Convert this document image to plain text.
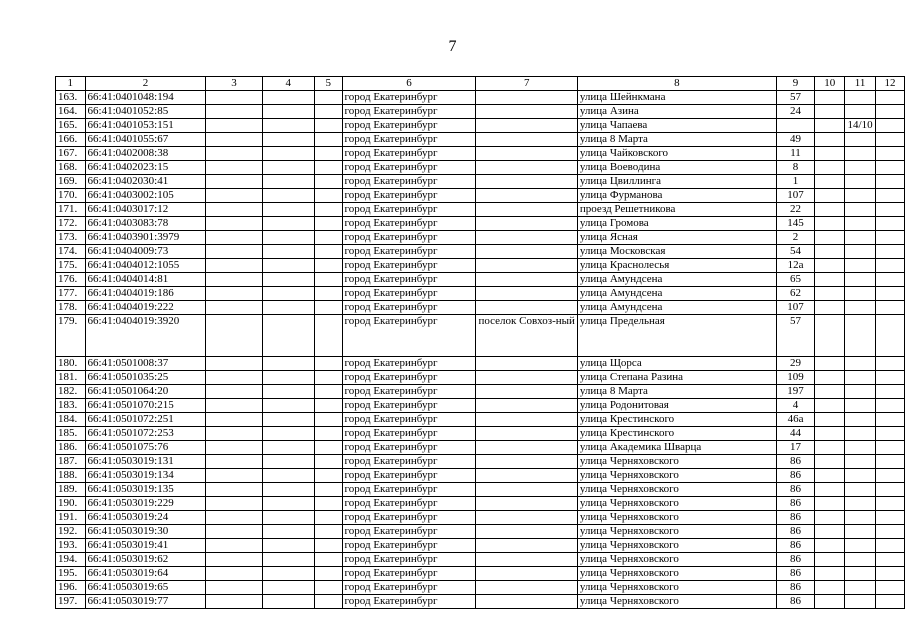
7
1	2	3	4	5	6	7	8	9	10	11	12
163.	66:41:0401048:194				город Екатеринбург		улица Шейнкмана	57			
164.	66:41:0401052:85				город Екатеринбург		улица Азина	24			
165.	66:41:0401053:151				город Екатеринбург		улица Чапаева			14/10	
166.	66:41:0401055:67				город Екатеринбург		улица 8 Марта	49			
167.	66:41:0402008:38				город Екатеринбург		улица Чайковского	11			
168.	66:41:0402023:15				город Екатеринбург		улица Воеводина	8			
169.	66:41:0402030:41				город Екатеринбург		улица Цвиллинга	1			
170.	66:41:0403002:105				город Екатеринбург		улица Фурманова	107			
171.	66:41:0403017:12				город Екатеринбург		проезд Решетникова	22			
172.	66:41:0403083:78				город Екатеринбург		улица Громова	145			
173.	66:41:0403901:3979				город Екатеринбург		улица Ясная	2			
174.	66:41:0404009:73				город Екатеринбург		улица Московская	54			
175.	66:41:0404012:1055				город Екатеринбург		улица Краснолесья	12а			
176.	66:41:0404014:81				город Екатеринбург		улица Амундсена	65			
177.	66:41:0404019:186				город Екатеринбург		улица Амундсена	62			
178.	66:41:0404019:222				город Екатеринбург		улица Амундсена	107			
179.	66:41:0404019:3920				город Екатеринбург	поселок Совхоз-ный	улица Предельная	57			
180.	66:41:0501008:37				город Екатеринбург		улица Щорса	29			
181.	66:41:0501035:25				город Екатеринбург		улица Степана Разина	109			
182.	66:41:0501064:20				город Екатеринбург		улица 8 Марта	197			
183.	66:41:0501070:215				город Екатеринбург		улица Родонитовая	4			
184.	66:41:0501072:251				город Екатеринбург		улица Крестинского	46а			
185.	66:41:0501072:253				город Екатеринбург		улица Крестинского	44			
186.	66:41:0501075:76				город Екатеринбург		улица Академика Шварца	17			
187.	66:41:0503019:131				город Екатеринбург		улица Черняховского	86			
188.	66:41:0503019:134				город Екатеринбург		улица Черняховского	86			
189.	66:41:0503019:135				город Екатеринбург		улица Черняховского	86			
190.	66:41:0503019:229				город Екатеринбург		улица Черняховского	86			
191.	66:41:0503019:24				город Екатеринбург		улица Черняховского	86			
192.	66:41:0503019:30				город Екатеринбург		улица Черняховского	86			
193.	66:41:0503019:41				город Екатеринбург		улица Черняховского	86			
194.	66:41:0503019:62				город Екатеринбург		улица Черняховского	86			
195.	66:41:0503019:64				город Екатеринбург		улица Черняховского	86			
196.	66:41:0503019:65				город Екатеринбург		улица Черняховского	86			
197.	66:41:0503019:77				город Екатеринбург		улица Черняховского	86			
